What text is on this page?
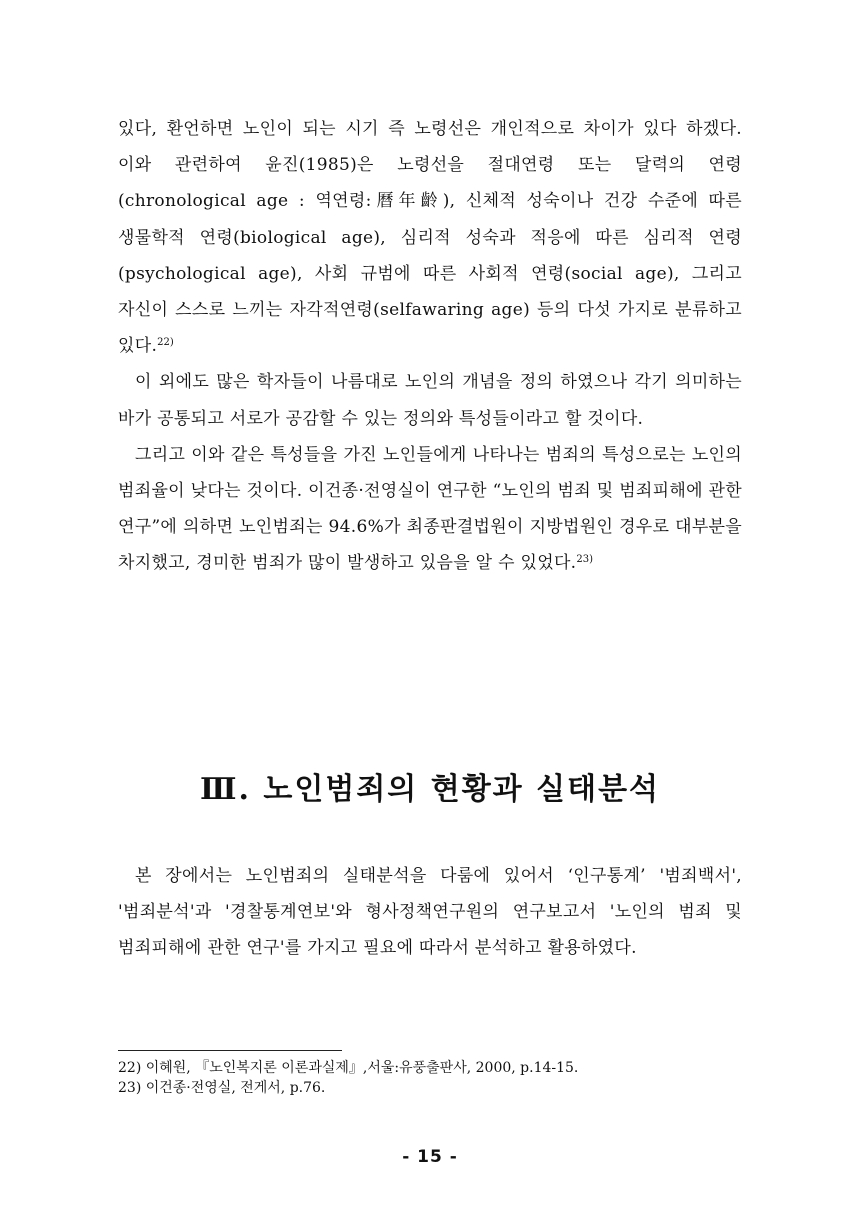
있다, 환언하면 노인이 되는 시기 즉 노령선은 개인적으로 차이가 있다 하겠다. 이와 관련하여 윤진(1985)은 노령선을 절대연령 또는 달력의 연령(chronological age : 역연령:曆年齡), 신체적 성숙이나 건강 수준에 따른 생물학적 연령(biological age), 심리적 성숙과 적응에 따른 심리적 연령(psychological age), 사회 규범에 따른 사회적 연령(social age), 그리고 자신이 스스로 느끼는 자각적연령(selfawaring age) 등의 다섯 가지로 분류하고 있다.$^{22)}$

이 외에도 많은 학자들이 나름대로 노인의 개념을 정의 하였으나 각기 의미하는 바가 공통되고 서로가 공감할 수 있는 정의와 특성들이라고 할 것이다.

그리고 이와 같은 특성들을 가진 노인들에게 나타나는 범죄의 특성으로는 노인의 범죄율이 낮다는 것이다. 이건종·전영실이 연구한 “노인의 범죄 및 범죄피해에 관한 연구”에 의하면 노인범죄는 94.6%가 최종판결법원이 지방법원인 경우로 대부분을 차지했고, 경미한 범죄가 많이 발생하고 있음을 알 수 있었다.$^{23)}$

Ⅲ. 노인범죄의 현황과 실태분석

본 장에서는 노인범죄의 실태분석을 다룸에 있어서 ‘인구통계’ '범죄백서', '범죄분석'과 '경찰통계연보'와 형사정책연구원의 연구보고서 '노인의 범죄 및 범죄피해에 관한 연구'를 가지고 필요에 따라서 분석하고 활용하였다.

22) 이혜원, 『노인복지론 이론과실제』,서울:유풍출판사, 2000, p.14-15.

23) 이건종·전영실, 전게서, p.76.

- 15 -
